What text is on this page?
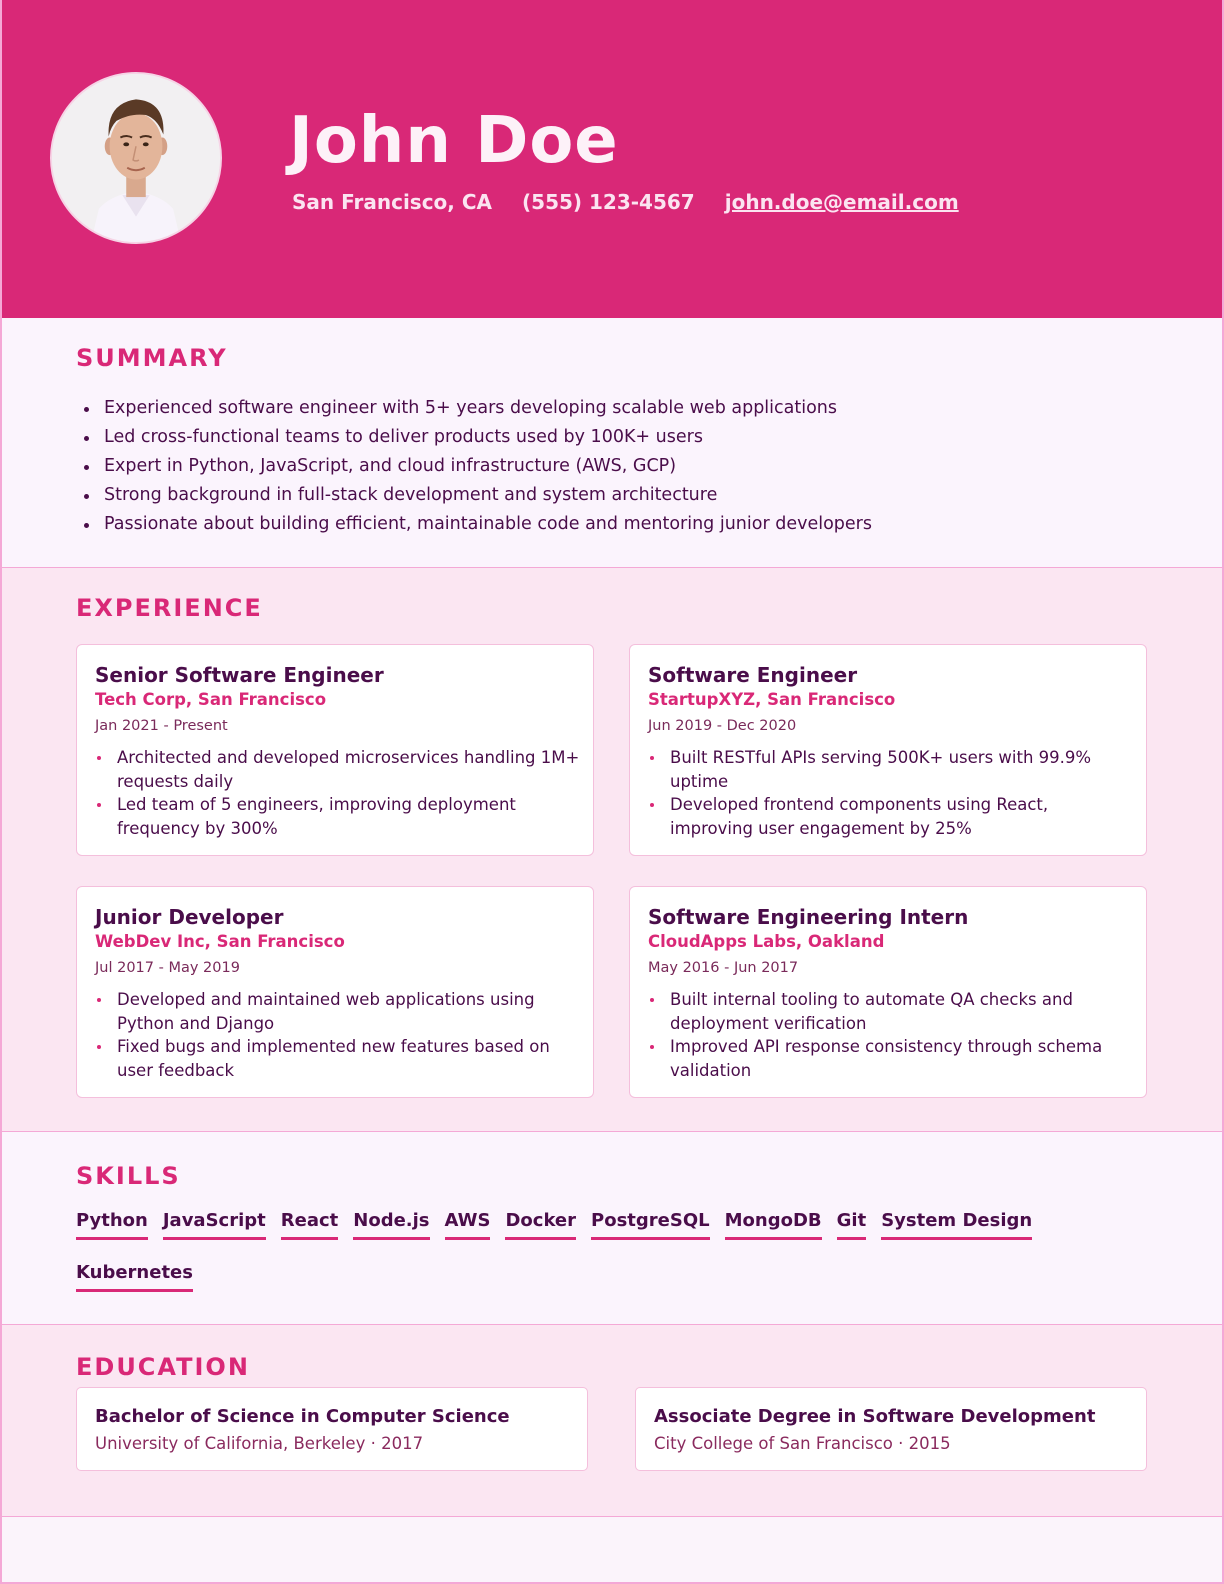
John Doe
San Francisco, CA (555) 123-4567 john.doe@email.com
SUMMARY
Experienced software engineer with 5+ years developing scalable web applications
Led cross-functional teams to deliver products used by 100K+ users
Expert in Python, JavaScript, and cloud infrastructure (AWS, GCP)
Strong background in full-stack development and system architecture
Passionate about building efficient, maintainable code and mentoring junior developers
EXPERIENCE
Senior Software Engineer
Tech Corp, San Francisco
Jan 2021 - Present
Architected and developed microservices handling 1M+ requests daily
Led team of 5 engineers, improving deployment frequency by 300%
Software Engineer
StartupXYZ, San Francisco
Jun 2019 - Dec 2020
Built RESTful APIs serving 500K+ users with 99.9% uptime
Developed frontend components using React, improving user engagement by 25%
Junior Developer
WebDev Inc, San Francisco
Jul 2017 - May 2019
Developed and maintained web applications using Python and Django
Fixed bugs and implemented new features based on user feedback
Software Engineering Intern
CloudApps Labs, Oakland
May 2016 - Jun 2017
Built internal tooling to automate QA checks and deployment verification
Improved API response consistency through schema validation
SKILLS
Python JavaScript React Node.js AWS Docker PostgreSQL MongoDB Git System Design
Kubernetes
EDUCATION
Bachelor of Science in Computer Science
University of California, Berkeley · 2017
Associate Degree in Software Development
City College of San Francisco · 2015
